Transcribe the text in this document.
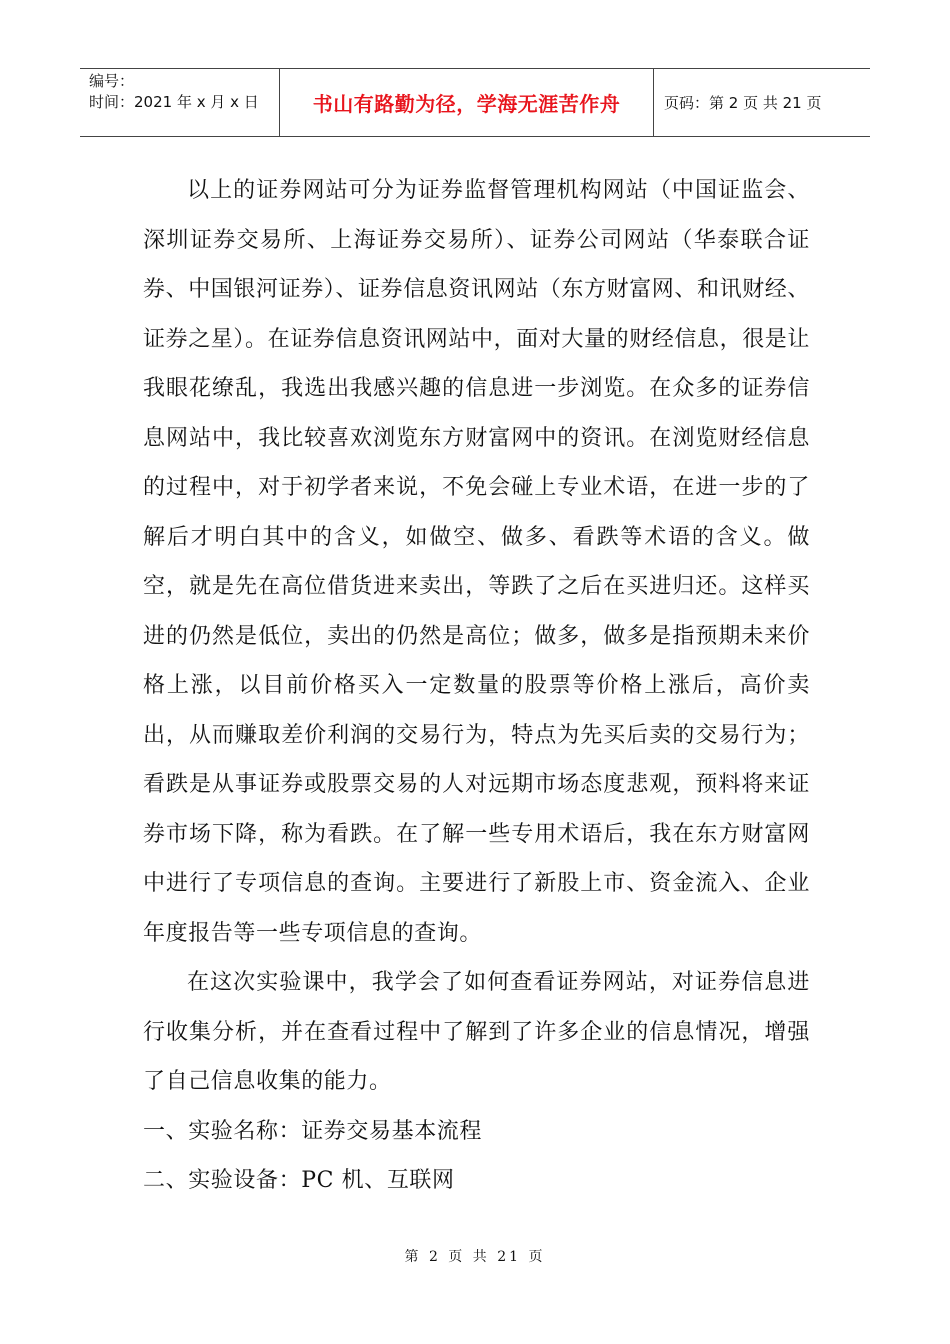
编号：
时间：2021 年 x 月 x 日	书山有路勤为径，学海无涯苦作舟	页码：第 2 页 共 21 页

以上的证券网站可分为证券监督管理机构网站（中国证监会、深圳证券交易所、上海证券交易所）、证券公司网站（华泰联合证券、中国银河证券）、证券信息资讯网站（东方财富网、和讯财经、证券之星）。在证券信息资讯网站中，面对大量的财经信息，很是让我眼花缭乱，我选出我感兴趣的信息进一步浏览。在众多的证券信息网站中，我比较喜欢浏览东方财富网中的资讯。在浏览财经信息的过程中，对于初学者来说，不免会碰上专业术语，在进一步的了解后才明白其中的含义，如做空、做多、看跌等术语的含义。做空，就是先在高位借货进来卖出，等跌了之后在买进归还。这样买进的仍然是低位，卖出的仍然是高位；做多，做多是指预期未来价格上涨，以目前价格买入一定数量的股票等价格上涨后，高价卖出，从而赚取差价利润的交易行为，特点为先买后卖的交易行为；看跌是从事证券或股票交易的人对远期市场态度悲观，预料将来证券市场下降，称为看跌。在了解一些专用术语后，我在东方财富网中进行了专项信息的查询。主要进行了新股上市、资金流入、企业年度报告等一些专项信息的查询。

在这次实验课中，我学会了如何查看证券网站，对证券信息进行收集分析，并在查看过程中了解到了许多企业的信息情况，增强了自己信息收集的能力。

一、实验名称：证券交易基本流程

二、实验设备：PC 机、互联网

第 2 页 共 21 页
